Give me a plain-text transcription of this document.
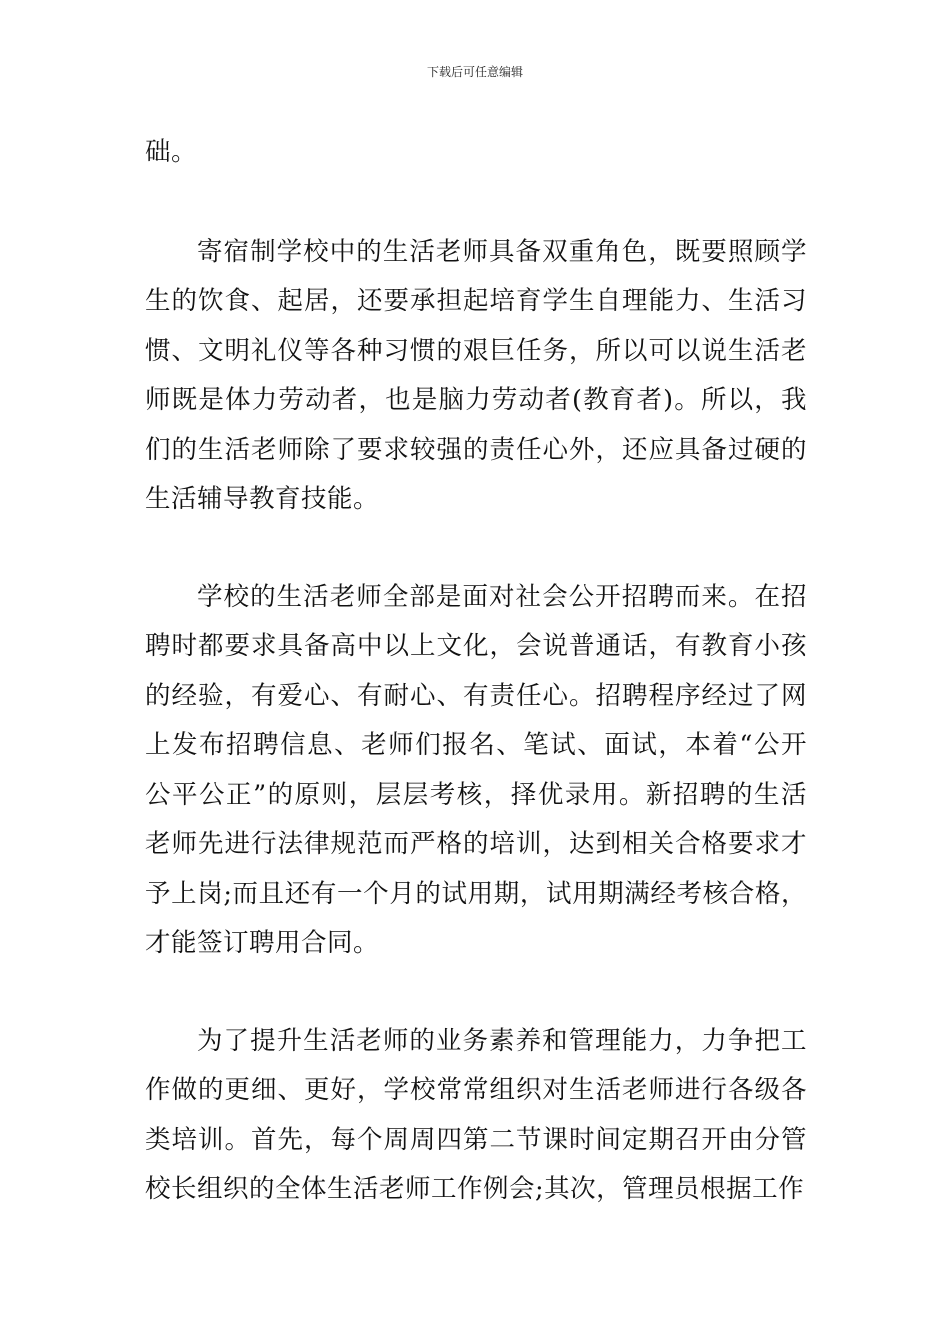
下载后可任意编辑

础。

寄宿制学校中的生活老师具备双重角色，既要照顾学生的饮食、起居，还要承担起培育学生自理能力、生活习惯、文明礼仪等各种习惯的艰巨任务，所以可以说生活老师既是体力劳动者，也是脑力劳动者(教育者)。所以，我们的生活老师除了要求较强的责任心外，还应具备过硬的生活辅导教育技能。

学校的生活老师全部是面对社会公开招聘而来。在招聘时都要求具备高中以上文化，会说普通话，有教育小孩的经验，有爱心、有耐心、有责任心。招聘程序经过了网上发布招聘信息、老师们报名、笔试、面试，本着“公开公平公正”的原则，层层考核，择优录用。新招聘的生活老师先进行法律规范而严格的培训，达到相关合格要求才予上岗;而且还有一个月的试用期，试用期满经考核合格，才能签订聘用合同。

为了提升生活老师的业务素养和管理能力，力争把工作做的更细、更好，学校常常组织对生活老师进行各级各类培训。首先，每个周周四第二节课时间定期召开由分管校长组织的全体生活老师工作例会;其次，管理员根据工作
